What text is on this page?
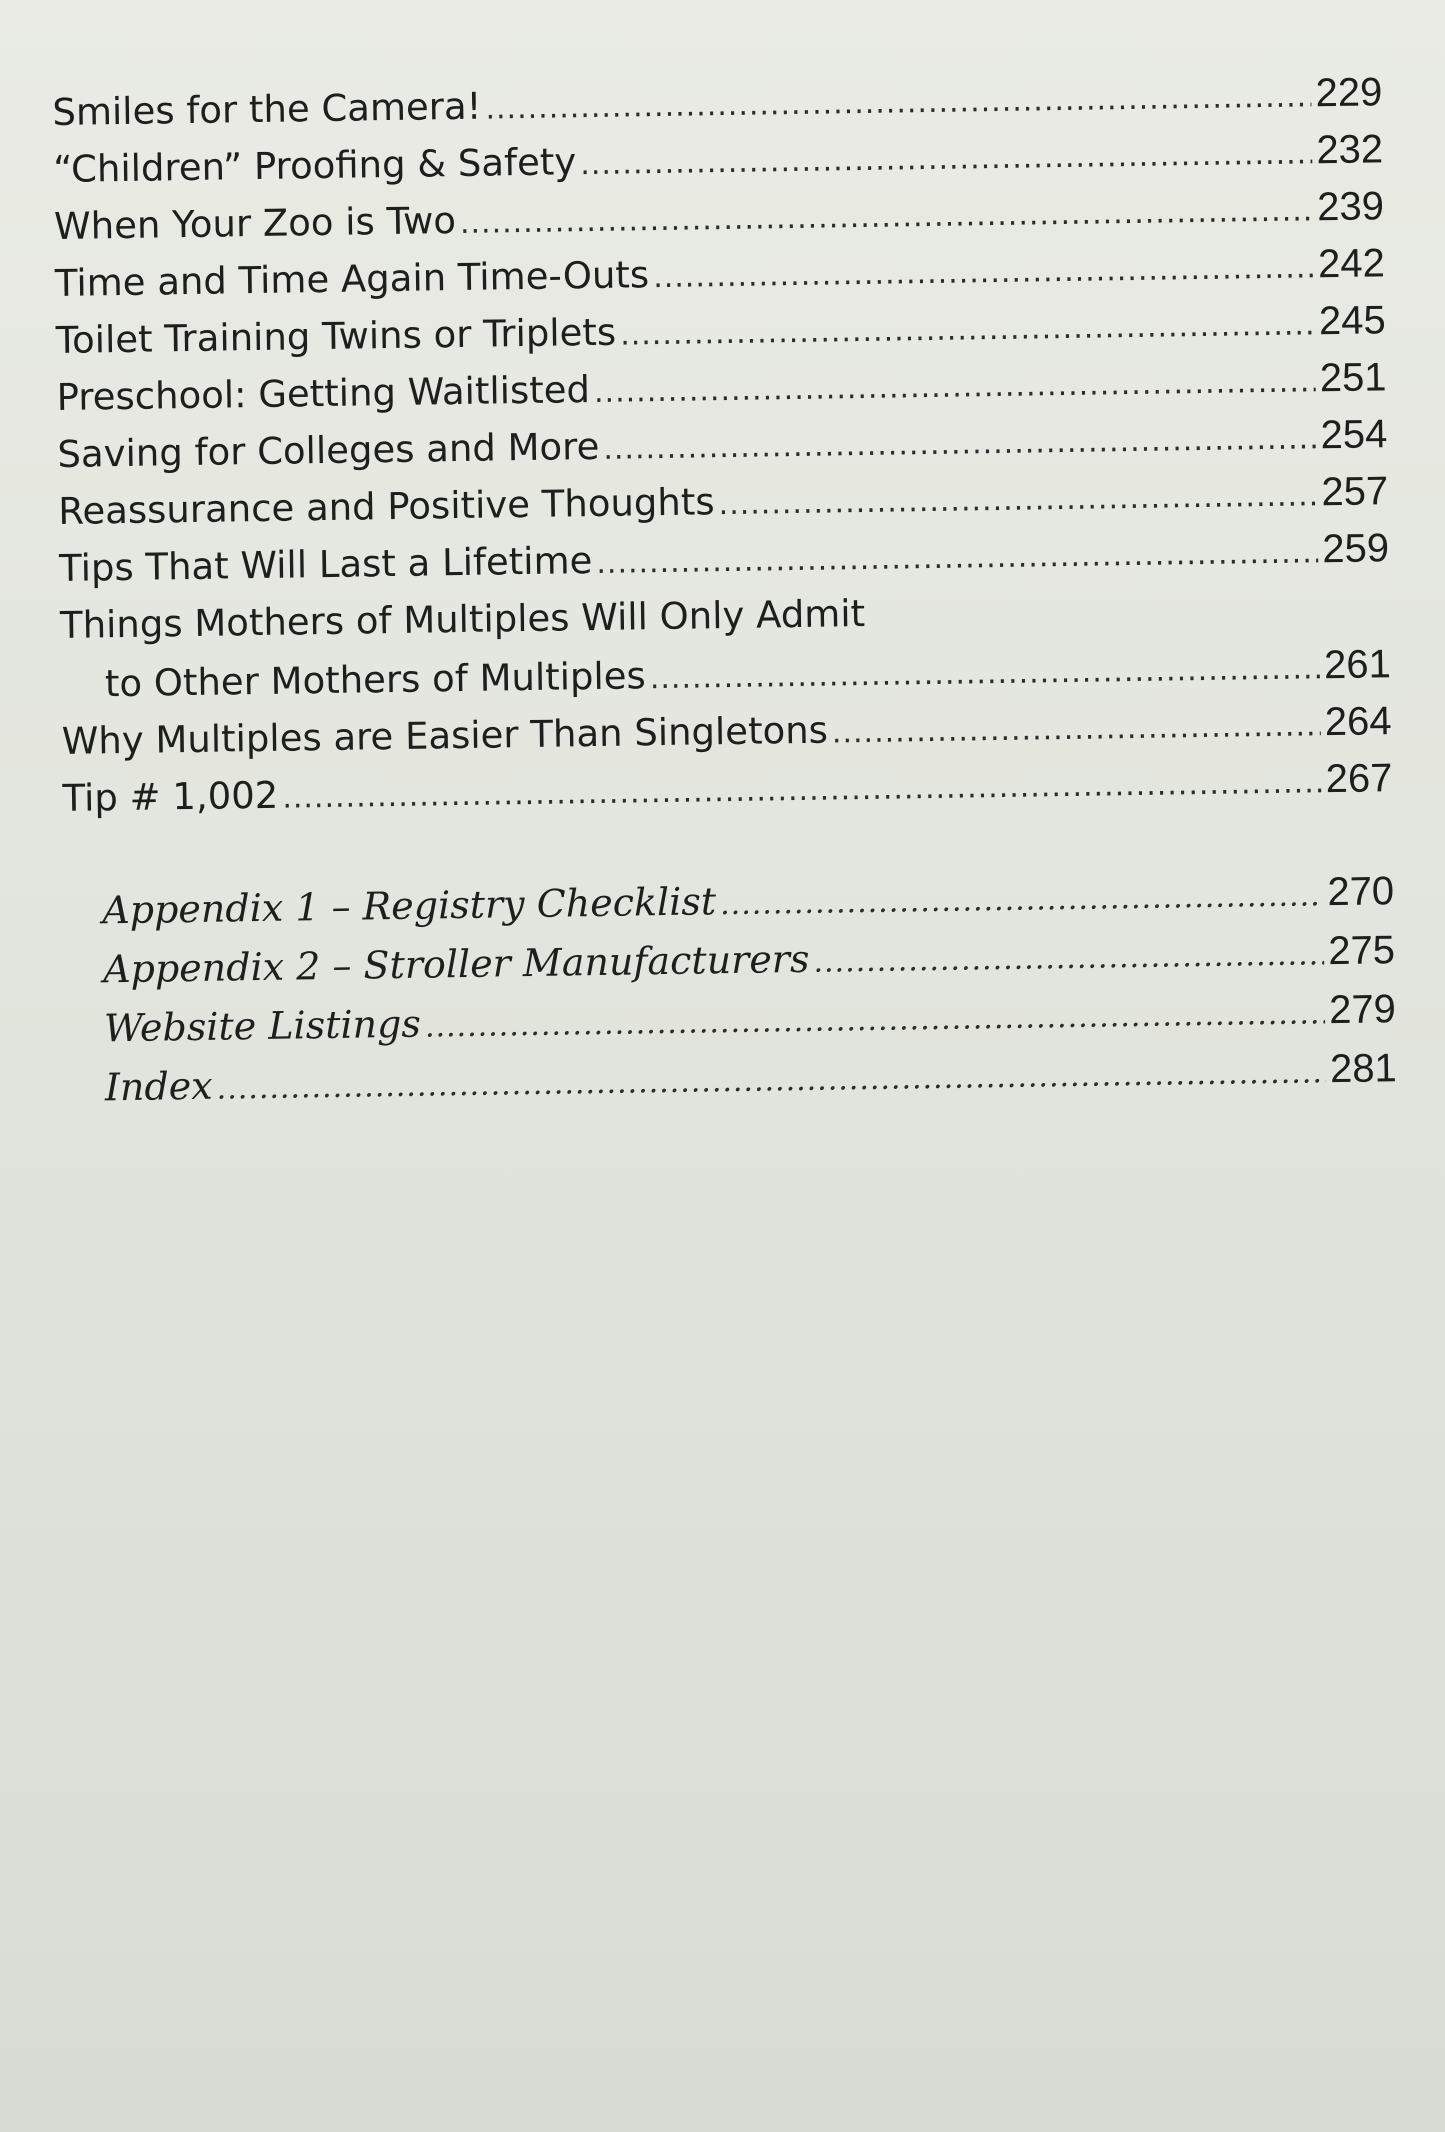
Smiles for the Camera! .....	229
“Children” Proofing & Safety .....	232
When Your Zoo is Two .....	239
Time and Time Again Time-Outs .....	242
Toilet Training Twins or Triplets .....	245
Preschool: Getting Waitlisted .....	251
Saving for Colleges and More .....	254
Reassurance and Positive Thoughts .....	257
Tips That Will Last a Lifetime .....	259
Things Mothers of Multiples Will Only Admit
to Other Mothers of Multiples .....	261
Why Multiples are Easier Than Singletons .....	264
Tip # 1,002 .....	267
Appendix 1 – Registry Checklist .....	270
Appendix 2 – Stroller Manufacturers .....	275
Website Listings .....	279
Index .....	281
